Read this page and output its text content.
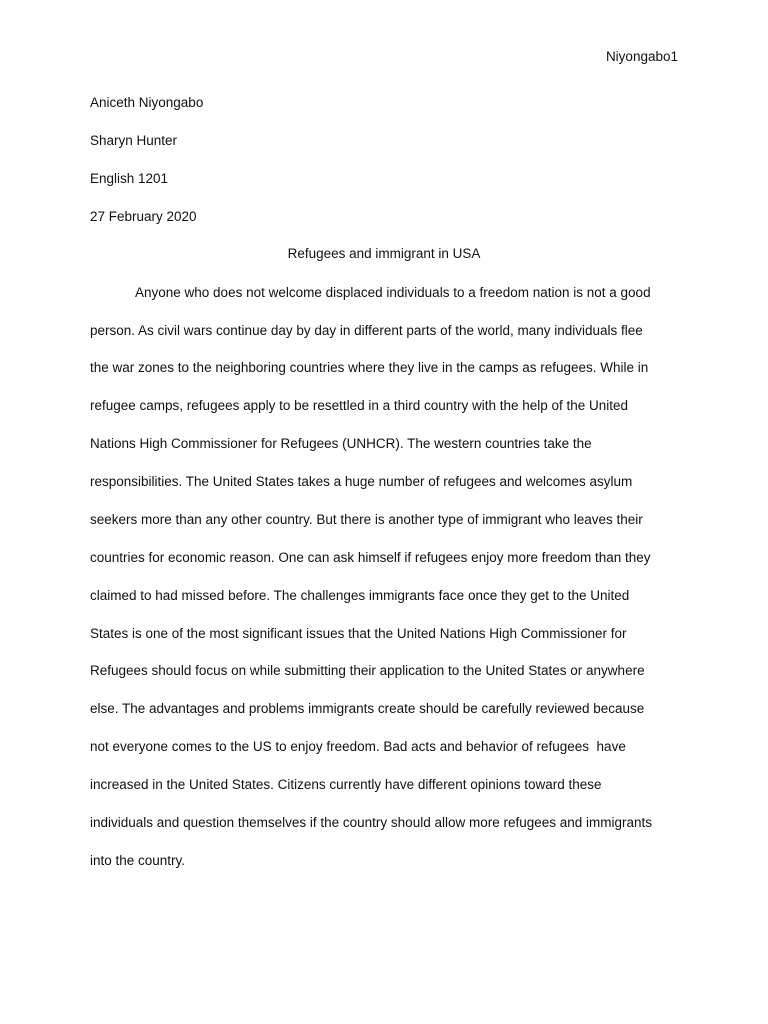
Niyongabo1
Aniceth Niyongabo
Sharyn Hunter
English 1201
27 February 2020
Refugees and immigrant in USA
Anyone who does not welcome displaced individuals to a freedom nation is not a good
person. As civil wars continue day by day in different parts of the world, many individuals flee
the war zones to the neighboring countries where they live in the camps as refugees. While in
refugee camps, refugees apply to be resettled in a third country with the help of the United
Nations High Commissioner for Refugees (UNHCR). The western countries take the
responsibilities. The United States takes a huge number of refugees and welcomes asylum
seekers more than any other country. But there is another type of immigrant who leaves their
countries for economic reason. One can ask himself if refugees enjoy more freedom than they
claimed to had missed before. The challenges immigrants face once they get to the United
States is one of the most significant issues that the United Nations High Commissioner for
Refugees should focus on while submitting their application to the United States or anywhere
else. The advantages and problems immigrants create should be carefully reviewed because
not everyone comes to the US to enjoy freedom. Bad acts and behavior of refugees  have
increased in the United States. Citizens currently have different opinions toward these
individuals and question themselves if the country should allow more refugees and immigrants
into the country.
